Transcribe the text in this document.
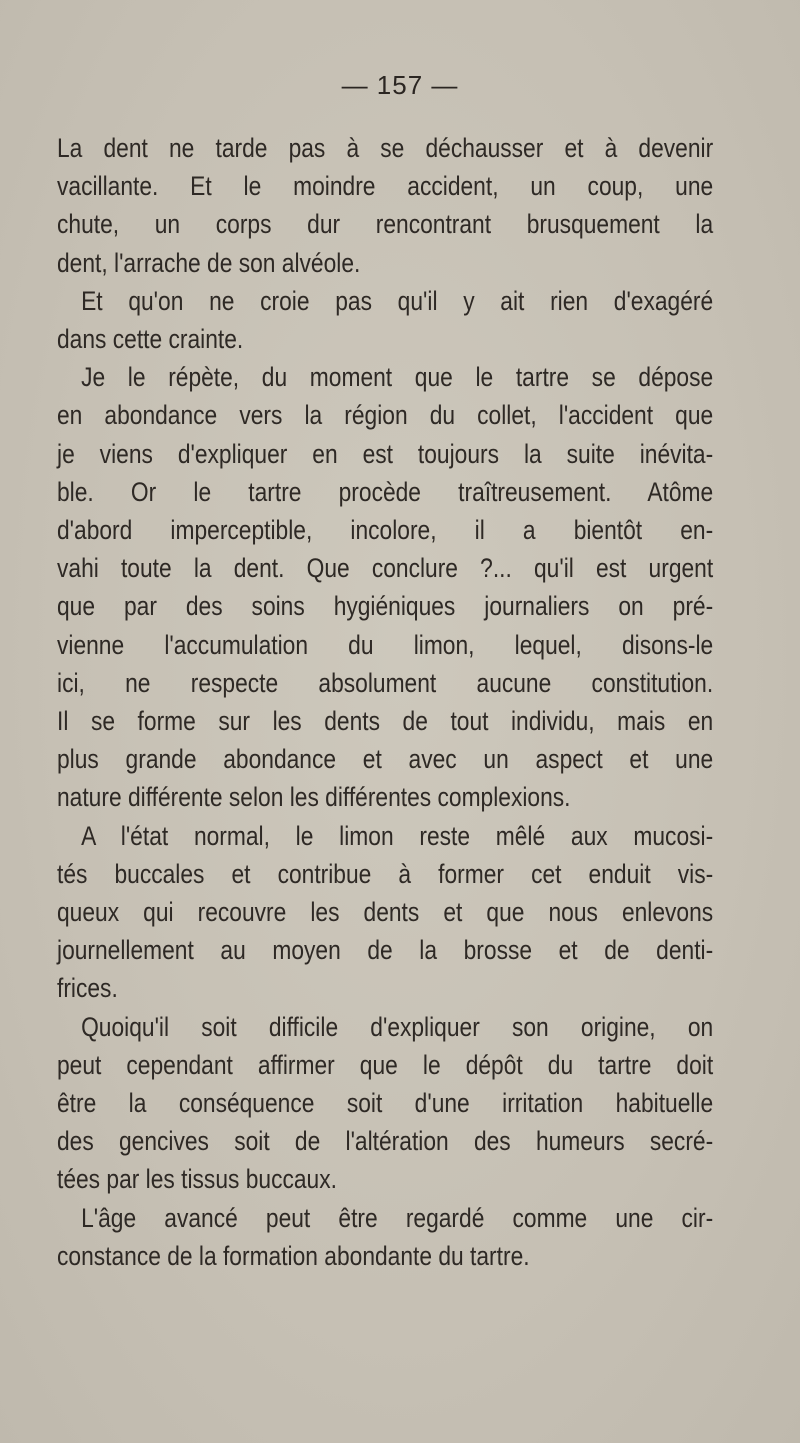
— 157 —
La dent ne tarde pas à se déchausser et à devenir
vacillante. Et le moindre accident, un coup, une
chute, un corps dur rencontrant brusquement la
dent, l'arrache de son alvéole.
Et qu'on ne croie pas qu'il y ait rien d'exagéré
dans cette crainte.
Je le répète, du moment que le tartre se dépose
en abondance vers la région du collet, l'accident que
je viens d'expliquer en est toujours la suite inévita-
ble. Or le tartre procède traîtreusement. Atôme
d'abord imperceptible, incolore, il a bientôt en-
vahi toute la dent. Que conclure ?... qu'il est urgent
que par des soins hygiéniques journaliers on pré-
vienne l'accumulation du limon, lequel, disons-le
ici, ne respecte absolument aucune constitution.
Il se forme sur les dents de tout individu, mais en
plus grande abondance et avec un aspect et une
nature différente selon les différentes complexions.
A l'état normal, le limon reste mêlé aux mucosi-
tés buccales et contribue à former cet enduit vis-
queux qui recouvre les dents et que nous enlevons
journellement au moyen de la brosse et de denti-
frices.
Quoiqu'il soit difficile d'expliquer son origine, on
peut cependant affirmer que le dépôt du tartre doit
être la conséquence soit d'une irritation habituelle
des gencives soit de l'altération des humeurs secré-
tées par les tissus buccaux.
L'âge avancé peut être regardé comme une cir-
constance de la formation abondante du tartre.
